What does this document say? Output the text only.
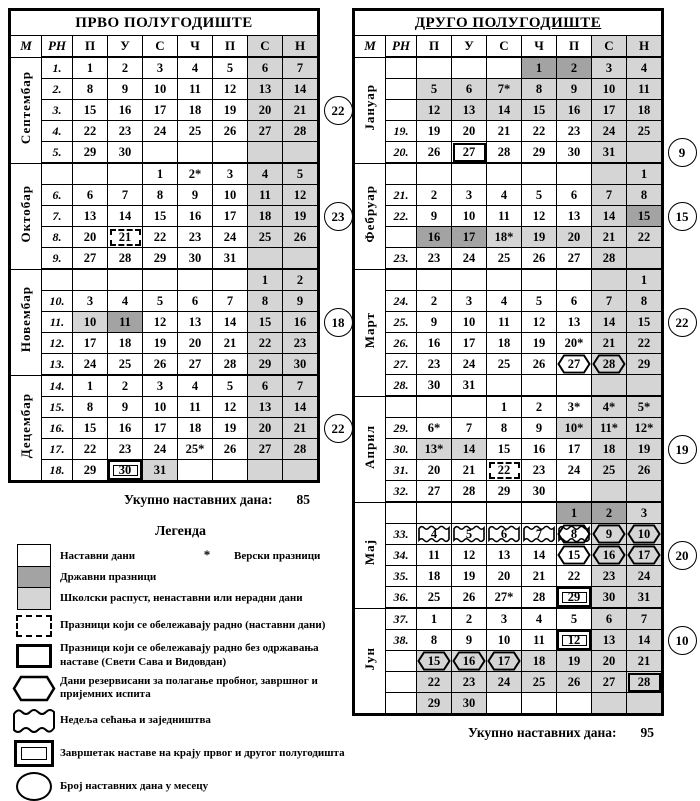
ПРВО ПОЛУГОДИШТЕ								
М	РН	П	У	С	Ч	П	С	Н
Септембар	1.	1	2	3	4	5	6	7
	2.	8	9	10	11	12	13	14
	3.	15	16	17	18	19	20	21
	4.	22	23	24	25	26	27	28
	5.	29	30					
Октобар				1	2*	3	4	5
	6.	6	7	8	9	10	11	12
	7.	13	14	15	16	17	18	19
	8.	20	21	22	23	24	25	26
	9.	27	28	29	30	31		
Новембар							1	2
	10.	3	4	5	6	7	8	9
	11.	10	11	12	13	14	15	16
	12.	17	18	19	20	21	22	23
	13.	24	25	26	27	28	29	30
Децембар	14.	1	2	3	4	5	6	7
	15.	8	9	10	11	12	13	14
	16.	15	16	17	18	19	20	21
	17.	22	23	24	25*	26	27	28
	18.	29	30	31				
Укупно наставних дана: 85
22
23
18
22
ДРУГО ПОЛУГОДИШТЕ								
М	РН	П	У	С	Ч	П	С	Н
Јануар					1	2	3	4
		5	6	7*	8	9	10	11
		12	13	14	15	16	17	18
	19.	19	20	21	22	23	24	25
	20.	26	27	28	29	30	31	
Фебруар								1
	21.	2	3	4	5	6	7	8
	22.	9	10	11	12	13	14	15
		16	17	18*	19	20	21	22
	23.	23	24	25	26	27	28	
Март								1
	24.	2	3	4	5	6	7	8
	25.	9	10	11	12	13	14	15
	26.	16	17	18	19	20*	21	22
	27.	23	24	25	26	27	28	29
	28.	30	31					
Април				1	2	3*	4*	5*
	29.	6*	7	8	9	10*	11*	12*
	30.	13*	14	15	16	17	18	19
	31.	20	21	22	23	24	25	26
	32.	27	28	29	30			
Мај						1	2	3
	33.	4	5	6	7	8	9	10

	34.	11	12	13	14	15	16	17

	35.	18	19	20	21	22	23	24
	36.	25	26	27*	28	29	30	31
Јун	37.	1	2	3	4	5	6	7
	38.	8	9	10	11	12	13	14
		15	16	17	18	19	20	21
		22	23	24	25	26	27	28
		29	30					
Укупно наставних дана: 95
9
15
22
19
20
10
Легенда
Наставни дани	* Верски празници
Државни празници
Школски распуст, ненаставни или нерадни дани
Празници који се обележавају радно (наставни дани)
Празници који се обележавају радно без одржавања наставе (Свети Сава и Видовдан)
Дани резервисани за полагање пробног, завршног и пријемних испита
Недеља сећања и заједништва
Завршетак наставе на крају првог и другог полугодишта
Број наставних дана у месецу
